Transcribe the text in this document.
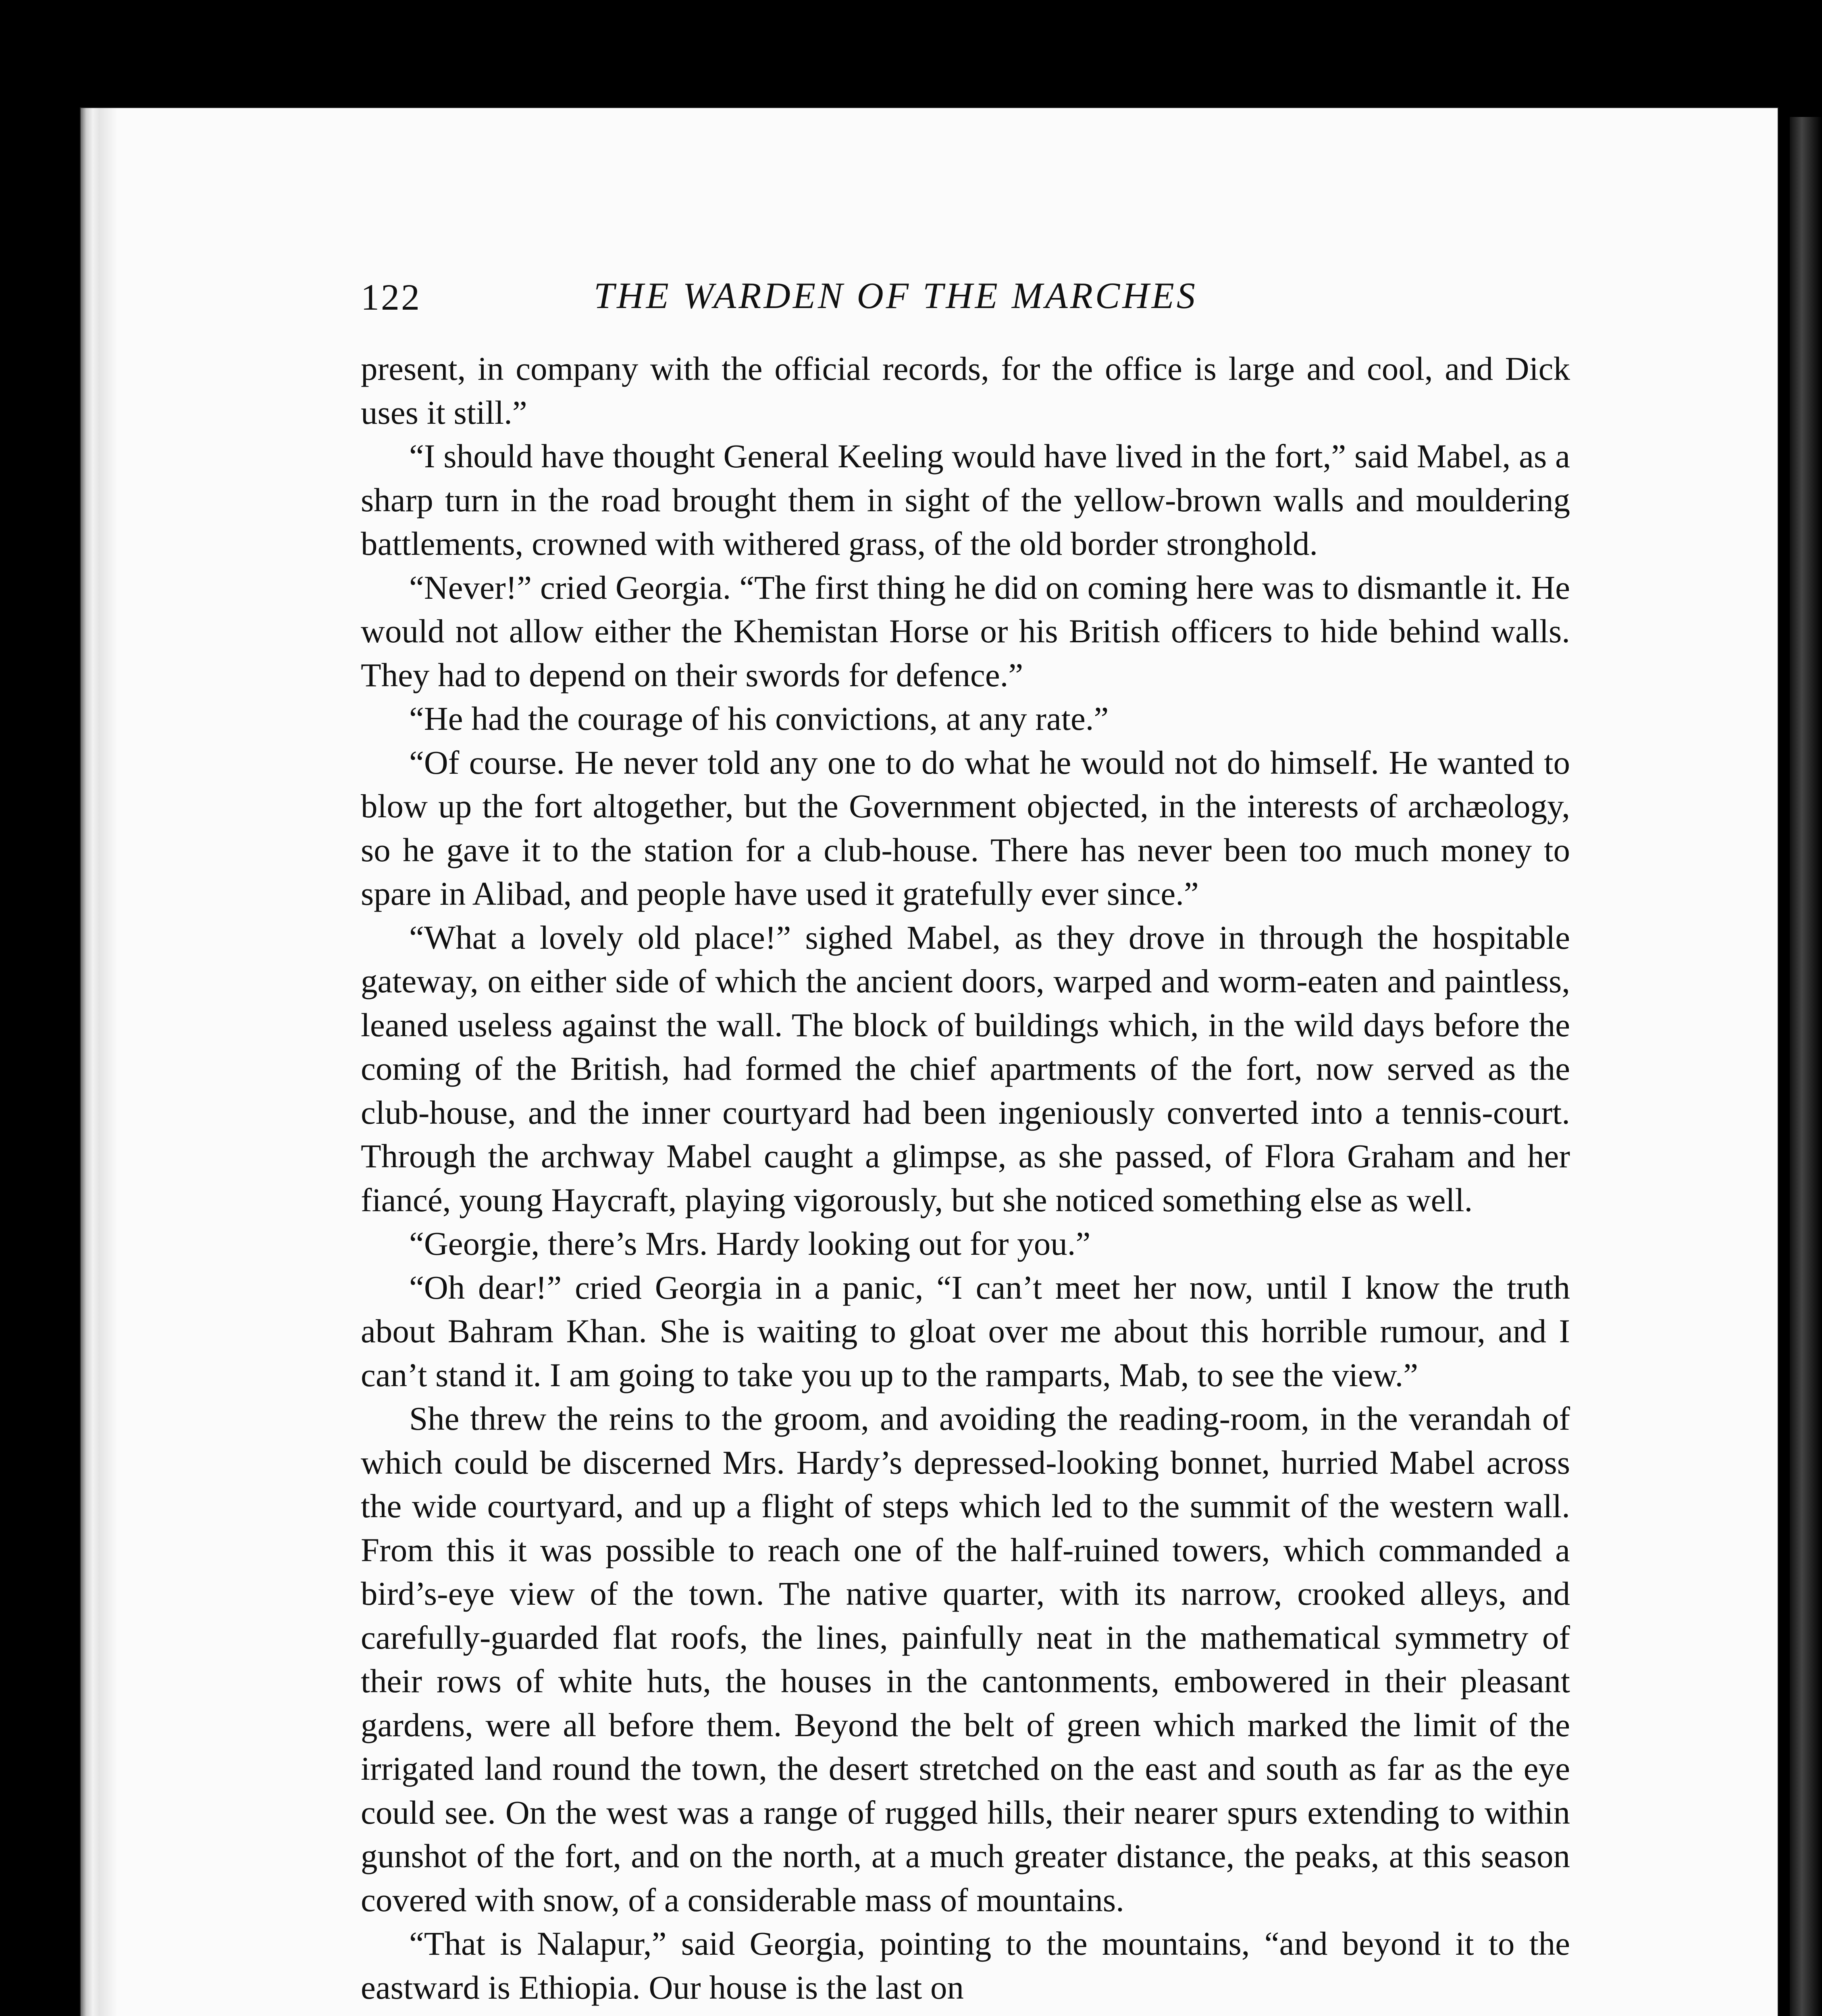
122	THE WARDEN OF THE MARCHES

present, in company with the official records, for the office is large and cool, and Dick uses it still.”

“I should have thought General Keeling would have lived in the fort,” said Mabel, as a sharp turn in the road brought them in sight of the yellow-brown walls and mouldering battlements, crowned with withered grass, of the old border stronghold.

“Never!” cried Georgia. “The first thing he did on coming here was to dismantle it. He would not allow either the Khemistan Horse or his British officers to hide behind walls. They had to depend on their swords for defence.”

“He had the courage of his convictions, at any rate.”

“Of course. He never told any one to do what he would not do himself. He wanted to blow up the fort altogether, but the Government objected, in the interests of archæology, so he gave it to the station for a club-house. There has never been too much money to spare in Alibad, and people have used it gratefully ever since.”

“What a lovely old place!” sighed Mabel, as they drove in through the hospitable gateway, on either side of which the ancient doors, warped and worm-eaten and paintless, leaned useless against the wall. The block of buildings which, in the wild days before the coming of the British, had formed the chief apartments of the fort, now served as the club-house, and the inner courtyard had been ingeniously converted into a tennis-court. Through the archway Mabel caught a glimpse, as she passed, of Flora Graham and her fiancé, young Haycraft, playing vigorously, but she noticed something else as well.

“Georgie, there’s Mrs. Hardy looking out for you.”

“Oh dear!” cried Georgia in a panic, “I can’t meet her now, until I know the truth about Bahram Khan. She is waiting to gloat over me about this horrible rumour, and I can’t stand it. I am going to take you up to the ramparts, Mab, to see the view.”

She threw the reins to the groom, and avoiding the reading-room, in the verandah of which could be discerned Mrs. Hardy’s depressed-looking bonnet, hurried Mabel across the wide courtyard, and up a flight of steps which led to the summit of the western wall. From this it was possible to reach one of the half-ruined towers, which commanded a bird’s-eye view of the town. The native quarter, with its narrow, crooked alleys, and carefully-guarded flat roofs, the lines, painfully neat in the mathematical symmetry of their rows of white huts, the houses in the cantonments, embowered in their pleasant gardens, were all before them. Beyond the belt of green which marked the limit of the irrigated land round the town, the desert stretched on the east and south as far as the eye could see. On the west was a range of rugged hills, their nearer spurs extending to within gunshot of the fort, and on the north, at a much greater distance, the peaks, at this season covered with snow, of a considerable mass of mountains.

“That is Nalapur,” said Georgia, pointing to the mountains, “and beyond it to the eastward is Ethiopia. Our house is the last on
